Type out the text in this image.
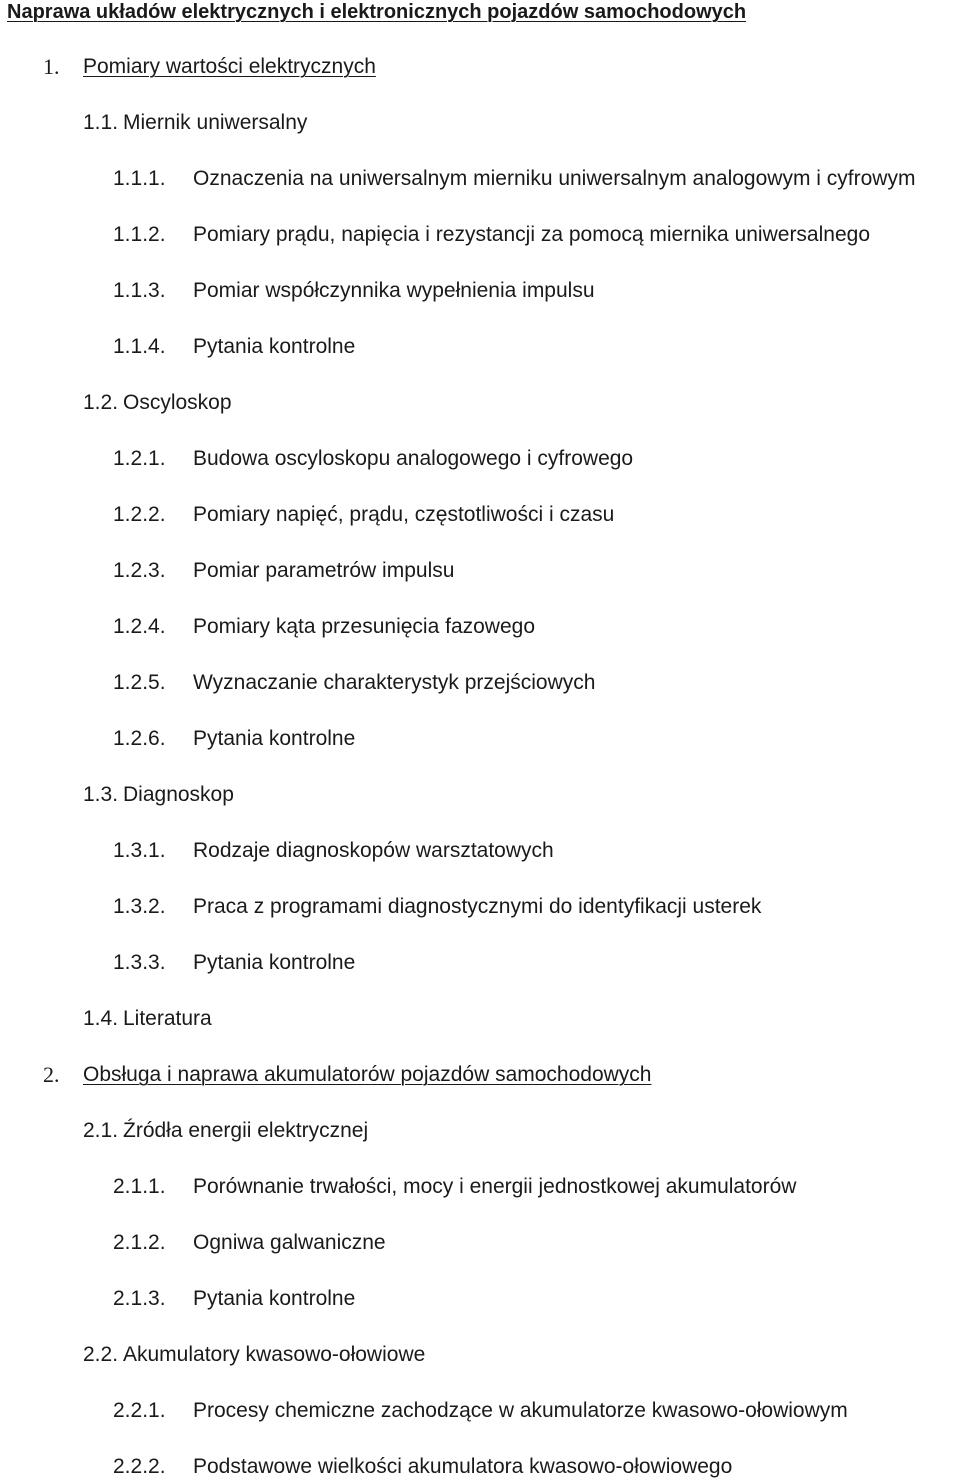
Naprawa układów elektrycznych i elektronicznych pojazdów samochodowych
1. Pomiary wartości elektrycznych
1.1. Miernik uniwersalny
1.1.1. Oznaczenia na uniwersalnym mierniku uniwersalnym analogowym i cyfrowym
1.1.2. Pomiary prądu, napięcia i rezystancji za pomocą miernika uniwersalnego
1.1.3. Pomiar współczynnika wypełnienia impulsu
1.1.4. Pytania kontrolne
1.2. Oscyloskop
1.2.1. Budowa oscyloskopu analogowego i cyfrowego
1.2.2. Pomiary napięć, prądu, częstotliwości i czasu
1.2.3. Pomiar parametrów impulsu
1.2.4. Pomiary kąta przesunięcia fazowego
1.2.5. Wyznaczanie charakterystyk przejściowych
1.2.6. Pytania kontrolne
1.3. Diagnoskop
1.3.1. Rodzaje diagnoskopów warsztatowych
1.3.2. Praca z programami diagnostycznymi do identyfikacji usterek
1.3.3. Pytania kontrolne
1.4. Literatura
2. Obsługa i naprawa akumulatorów pojazdów samochodowych
2.1. Źródła energii elektrycznej
2.1.1. Porównanie trwałości, mocy i energii jednostkowej akumulatorów
2.1.2. Ogniwa galwaniczne
2.1.3. Pytania kontrolne
2.2. Akumulatory kwasowo-ołowiowe
2.2.1. Procesy chemiczne zachodzące w akumulatorze kwasowo-ołowiowym
2.2.2. Podstawowe wielkości akumulatora kwasowo-ołowiowego
